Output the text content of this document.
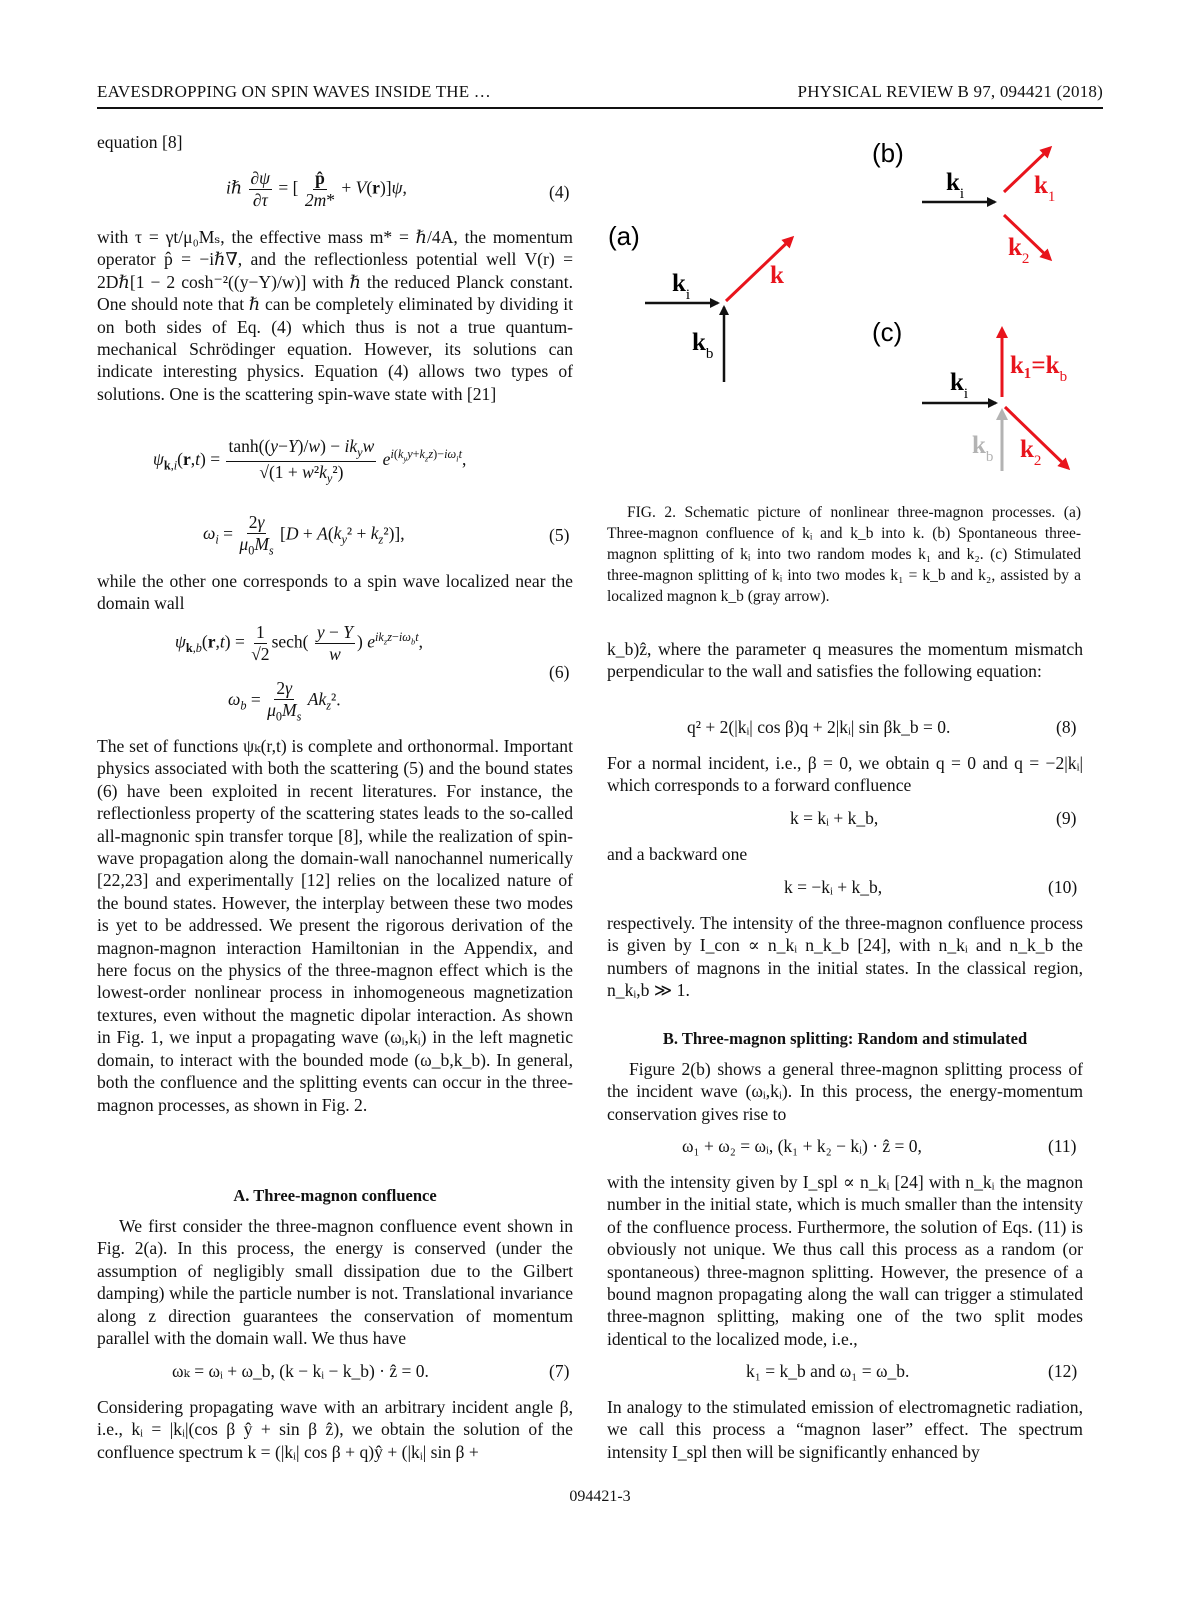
EAVESDROPPING ON SPIN WAVES INSIDE THE …	PHYSICAL REVIEW B 97, 094421 (2018)

equation [8]

iℏ $\frac{\partial\psi}{\partial\tau}$ = [ $\frac{p̂}{2m*} + V(r)]\psi$,	(4)

with τ = γt/μ₀Mₛ, the effective mass m* = ℏ/4A, the momentum operator p̂ = −iℏ∇, and the reflectionless potential well V(r) = 2Dℏ[1 − 2 cosh⁻²((y−Y)/w)] with ℏ the reduced Planck constant. One should note that ℏ can be completely eliminated by dividing it on both sides of Eq. (4) which thus is not a true quantum-mechanical Schrödinger equation. However, its solutions can indicate interesting physics. Equation (4) allows two types of solutions. One is the scattering spin-wave state with [21]

$\psi_{k,i}(r,t) = \frac{\tanh((y-Y)/w) - ik_yw}{√(1 + w^2k_y^2)} e^{i(k_yy+k_zz)-i\omega_it}$,
$\omega_i = \frac{2\gamma}{\mu_0M_s} [D + A(k_y^2 + k_z^2)]$,	(5)

while the other one corresponds to a spin wave localized near the domain wall

$\psi_{k,b}(r,t) = \frac{1}{√2} \sec h( \frac{y - Y}{w}$ ) $e^{ik_zz-i\omega_bt}$,
$\omega_b = \frac{2\gamma}{\mu_0M_s} Ak_z^2$.
(6)

The set of functions ψₖ(r,t) is complete and orthonormal. Important physics associated with both the scattering (5) and the bound states (6) have been exploited in recent literatures. For instance, the reflectionless property of the scattering states leads to the so-called all-magnonic spin transfer torque [8], while the realization of spin-wave propagation along the domain-wall nanochannel numerically [22,23] and experimentally [12] relies on the localized nature of the bound states. However, the interplay between these two modes is yet to be addressed. We present the rigorous derivation of the magnon-magnon interaction Hamiltonian in the Appendix, and here focus on the physics of the three-magnon effect which is the lowest-order nonlinear process in inhomogeneous magnetization textures, even without the magnetic dipolar interaction. As shown in Fig. 1, we input a propagating wave (ωᵢ,kᵢ) in the left magnetic domain, to interact with the bounded mode (ω_b,k_b). In general, both the confluence and the splitting events can occur in the three-magnon processes, as shown in Fig. 2.

A. Three-magnon confluence

We first consider the three-magnon confluence event shown in Fig. 2(a). In this process, the energy is conserved (under the assumption of negligibly small dissipation due to the Gilbert damping) while the particle number is not. Translational invariance along z direction guarantees the conservation of momentum parallel with the domain wall. We thus have

ωₖ = ωᵢ + ω_b, (k − kᵢ − k_b) · ẑ = 0.	(7)

Considering propagating wave with an arbitrary incident angle β, i.e., kᵢ = |kᵢ|(cos β ŷ + sin β ẑ), we obtain the solution of the confluence spectrum k = (|kᵢ| cos β + q)ŷ + (|kᵢ| sin β +

(a)
$k_i$
$k_b$
k
(b)
$k_i$	$k_1$
$k_2$
(c)
$k_i$
$k_1=k_b$
$k_b$ $k_2$
FIG. 2. Schematic picture of nonlinear three-magnon processes. (a) Three-magnon confluence of kᵢ and k_b into k. (b) Spontaneous three-magnon splitting of kᵢ into two random modes k₁ and k₂. (c) Stimulated three-magnon splitting of kᵢ into two modes k₁ = k_b and k₂, assisted by a localized magnon k_b (gray arrow).

k_b)ẑ, where the parameter q measures the momentum mismatch perpendicular to the wall and satisfies the following equation:

q² + 2(|kᵢ| cos β)q + 2|kᵢ| sin βk_b = 0.	(8)

For a normal incident, i.e., β = 0, we obtain q = 0 and q = −2|kᵢ| which corresponds to a forward confluence

k = kᵢ + k_b,	(9)

and a backward one

k = −kᵢ + k_b,	(10)

respectively. The intensity of the three-magnon confluence process is given by I_con ∝ n_kᵢ n_k_b [24], with n_kᵢ and n_k_b the numbers of magnons in the initial states. In the classical region, n_kᵢ,b ≫ 1.

B. Three-magnon splitting: Random and stimulated

Figure 2(b) shows a general three-magnon splitting process of the incident wave (ωᵢ,kᵢ). In this process, the energy-momentum conservation gives rise to

ω₁ + ω₂ = ωᵢ, (k₁ + k₂ − kᵢ) · ẑ = 0,	(11)

with the intensity given by I_spl ∝ n_kᵢ [24] with n_kᵢ the magnon number in the initial state, which is much smaller than the intensity of the confluence process. Furthermore, the solution of Eqs. (11) is obviously not unique. We thus call this process as a random (or spontaneous) three-magnon splitting. However, the presence of a bound magnon propagating along the wall can trigger a stimulated three-magnon splitting, making one of the two split modes identical to the localized mode, i.e.,

k₁ = k_b and ω₁ = ω_b.	(12)

In analogy to the stimulated emission of electromagnetic radiation, we call this process a “magnon laser” effect. The spectrum intensity I_spl then will be significantly enhanced by

094421-3
